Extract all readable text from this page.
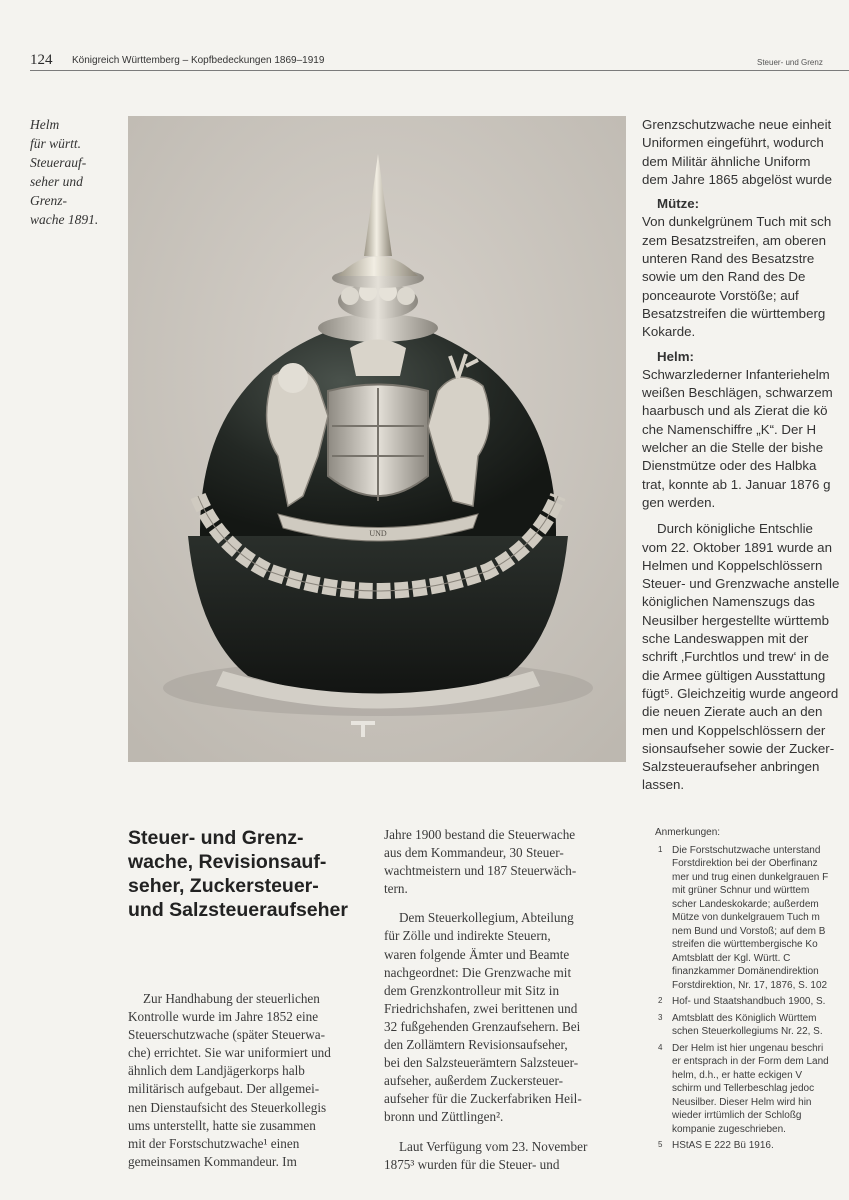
124 Königreich Württemberg – Kopfbedeckungen 1869–1919	Steuer- und Grenz
Helm
für württ.
Steuerauf-
seher und
Grenz-
wache 1891.
UND
Grenzschutzwache neue einheit
Uniformen eingeführt, wodurch
dem Militär ähnliche Uniform
dem Jahre 1865 abgelöst wurde
Mütze:
Von dunkelgrünem Tuch mit sch
zem Besatzstreifen, am oberen
unteren Rand des Besatzstre
sowie um den Rand des De
ponceaurote Vorstöße; auf
Besatzstreifen die württemberg
Kokarde.
Helm:
Schwarzlederner Infanteriehelm
weißen Beschlägen, schwarzem
haarbusch und als Zierat die kö
che Namenschiffre „K“. Der H
welcher an die Stelle der bishe
Dienstmütze oder des Halbka
trat, konnte ab 1. Januar 1876 g
gen werden.
Durch königliche Entschlie
vom 22. Oktober 1891 wurde an
Helmen und Koppelschlössern
Steuer- und Grenzwache anstelle
königlichen Namenszugs das
Neusilber hergestellte württemb
sche Landeswappen mit der
schrift ‚Furchtlos und trew‘ in de
die Armee gültigen Ausstattung
fügt⁵. Gleichzeitig wurde angeord
die neuen Zierate auch an den
men und Koppelschlössern der
sionsaufseher sowie der Zucker-
Salzsteueraufseher anbringen
lassen.
Steuer- und Grenz-
wache, Revisionsauf-
seher, Zuckersteuer-
und Salzsteueraufseher
Zur Handhabung der steuerlichen
Kontrolle wurde im Jahre 1852 eine
Steuerschutzwache (später Steuerwa-
che) errichtet. Sie war uniformiert und
ähnlich dem Landjägerkorps halb
militärisch aufgebaut. Der allgemei-
nen Dienstaufsicht des Steuerkollegis
ums unterstellt, hatte sie zusammen
mit der Forstschutzwache¹ einen
gemeinsamen Kommandeur. Im
Jahre 1900 bestand die Steuerwache
aus dem Kommandeur, 30 Steuer-
wachtmeistern und 187 Steuerwäch-
tern.
Dem Steuerkollegium, Abteilung
für Zölle und indirekte Steuern,
waren folgende Ämter und Beamte
nachgeordnet: Die Grenzwache mit
dem Grenzkontrolleur mit Sitz in
Friedrichshafen, zwei berittenen und
32 fußgehenden Grenzaufsehern. Bei
den Zollämtern Revisionsaufseher,
bei den Salzsteuerämtern Salzsteuer-
aufseher, außerdem Zuckersteuer-
aufseher für die Zuckerfabriken Heil-
bronn und Züttlingen².
Laut Verfügung vom 23. November
1875³ wurden für die Steuer- und
Anmerkungen:
1 Die Forstschutzwache unterstand
Forstdirektion bei der Oberfinanz
mer und trug einen dunkelgrauen F
mit grüner Schnur und württem
scher Landeskokarde; außerdem
Mütze von dunkelgrauem Tuch m
nem Bund und Vorstoß; auf dem B
streifen die württembergische Ko
Amtsblatt der Kgl. Württ. C
finanzkammer Domänendirektion
Forstdirektion, Nr. 17, 1876, S. 102
2 Hof- und Staatshandbuch 1900, S.
3 Amtsblatt des Königlich Württem
schen Steuerkollegiums Nr. 22, S.
4 Der Helm ist hier ungenau beschri
er entsprach in der Form dem Land
helm, d.h., er hatte eckigen V
schirm und Tellerbeschlag jedoc
Neusilber. Dieser Helm wird hin
wieder irrtümlich der Schloßg
kompanie zugeschrieben.
5 HStAS E 222 Bü 1916.
